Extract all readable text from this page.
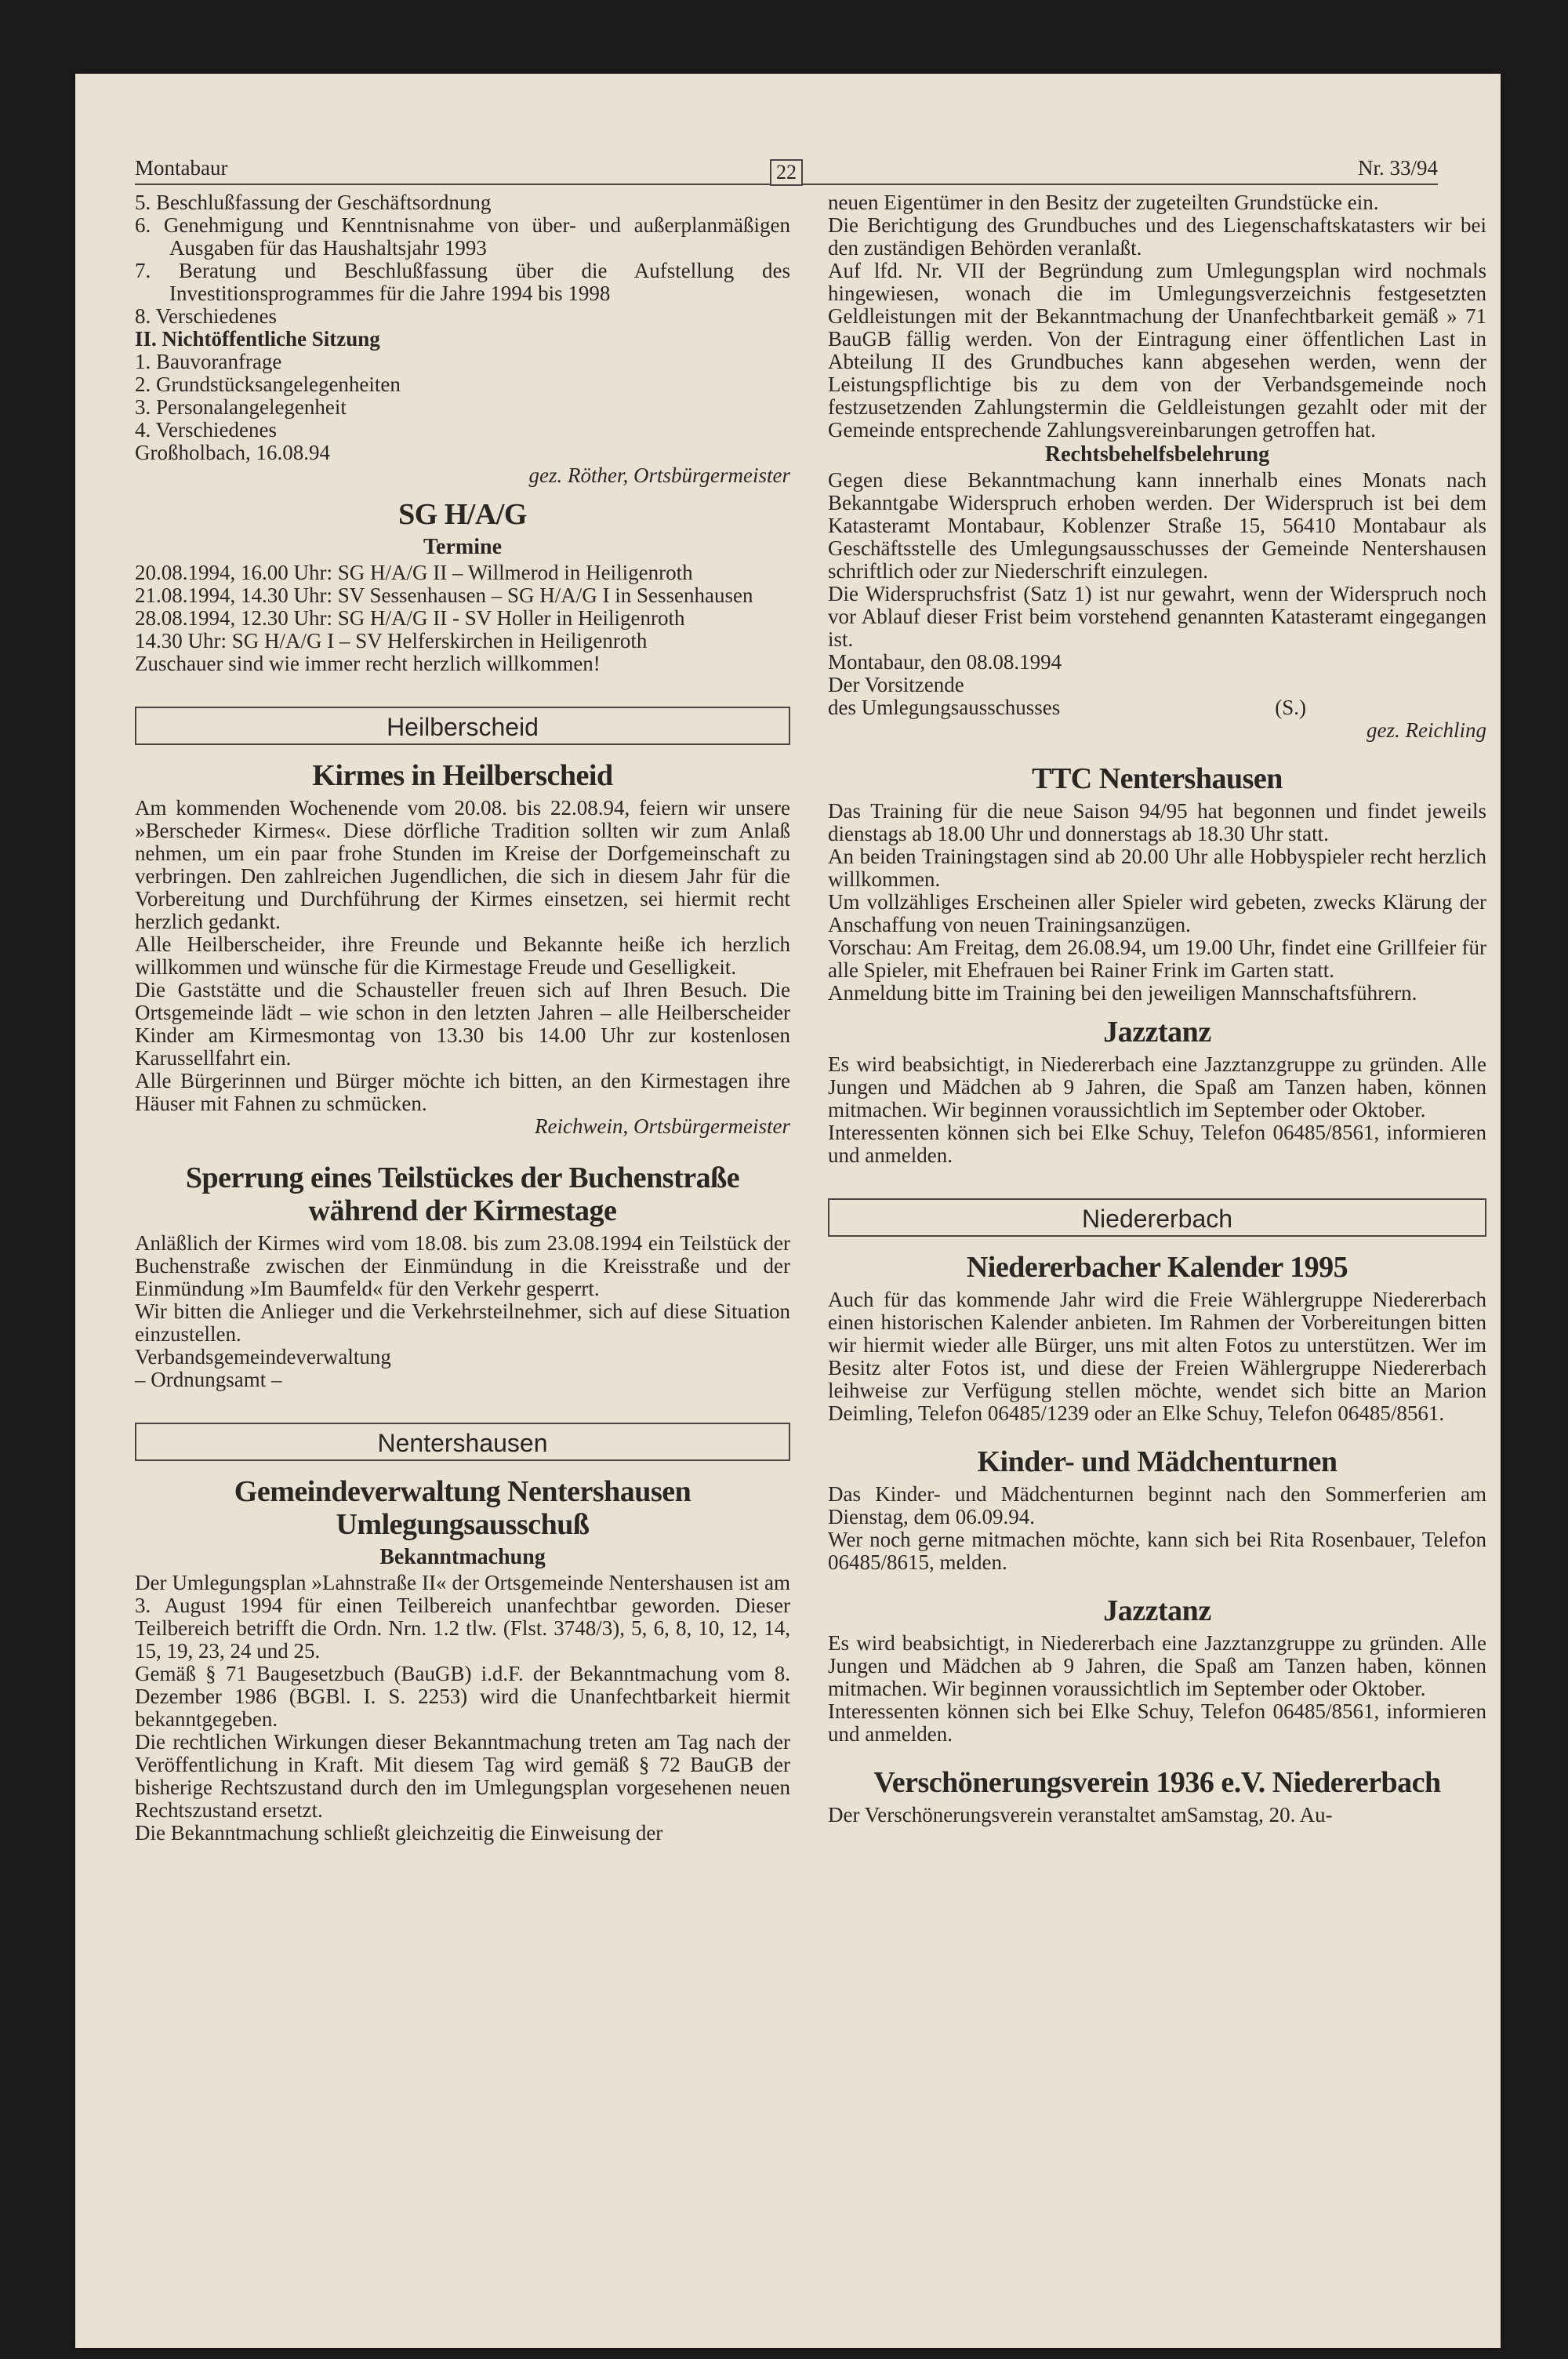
Montabaur	22	Nr. 33/94

5. Beschlußfassung der Geschäftsordnung

6. Genehmigung und Kenntnisnahme von über- und außerplanmäßigen Ausgaben für das Haushaltsjahr 1993

7. Beratung und Beschlußfassung über die Aufstellung des Investitionsprogrammes für die Jahre 1994 bis 1998

8. Verschiedenes

II. Nichtöffentliche Sitzung

1. Bauvoranfrage

2. Grundstücksangelegenheiten

3. Personalangelegenheit

4. Verschiedenes

Großholbach, 16.08.94

gez. Röther, Ortsbürgermeister

SG H/A/G
Termine

20.08.1994, 16.00 Uhr: SG H/A/G II – Willmerod in Heiligenroth

21.08.1994, 14.30 Uhr: SV Sessenhausen – SG H/A/G I in Sessenhausen

28.08.1994, 12.30 Uhr: SG H/A/G II - SV Holler in Heiligenroth

14.30 Uhr: SG H/A/G I – SV Helferskirchen in Heiligenroth

Zuschauer sind wie immer recht herzlich willkommen!

Heilberscheid
Kirmes in Heilberscheid

Am kommenden Wochenende vom 20.08. bis 22.08.94, feiern wir unsere »Berscheder Kirmes«. Diese dörfliche Tradition sollten wir zum Anlaß nehmen, um ein paar frohe Stunden im Kreise der Dorfgemeinschaft zu verbringen. Den zahlreichen Jugendlichen, die sich in diesem Jahr für die Vorbereitung und Durchführung der Kirmes einsetzen, sei hiermit recht herzlich gedankt.

Alle Heilberscheider, ihre Freunde und Bekannte heiße ich herzlich willkommen und wünsche für die Kirmestage Freude und Geselligkeit.

Die Gaststätte und die Schausteller freuen sich auf Ihren Besuch. Die Ortsgemeinde lädt – wie schon in den letzten Jahren – alle Heilberscheider Kinder am Kirmesmontag von 13.30 bis 14.00 Uhr zur kostenlosen Karussellfahrt ein.

Alle Bürgerinnen und Bürger möchte ich bitten, an den Kirmestagen ihre Häuser mit Fahnen zu schmücken.

Reichwein, Ortsbürgermeister

Sperrung eines Teilstückes der Buchenstraße während der Kirmestage

Anläßlich der Kirmes wird vom 18.08. bis zum 23.08.1994 ein Teilstück der Buchenstraße zwischen der Einmündung in die Kreisstraße und der Einmündung »Im Baumfeld« für den Verkehr gesperrt.

Wir bitten die Anlieger und die Verkehrsteilnehmer, sich auf diese Situation einzustellen.

Verbandsgemeindeverwaltung

– Ordnungsamt –

Nentershausen
Gemeindeverwaltung Nentershausen Umlegungsausschuß
Bekanntmachung

Der Umlegungsplan »Lahnstraße II« der Ortsgemeinde Nentershausen ist am 3. August 1994 für einen Teilbereich unanfechtbar geworden. Dieser Teilbereich betrifft die Ordn. Nrn. 1.2 tlw. (Flst. 3748/3), 5, 6, 8, 10, 12, 14, 15, 19, 23, 24 und 25.

Gemäß § 71 Baugesetzbuch (BauGB) i.d.F. der Bekanntmachung vom 8. Dezember 1986 (BGBl. I. S. 2253) wird die Unanfechtbarkeit hiermit bekanntgegeben.

Die rechtlichen Wirkungen dieser Bekanntmachung treten am Tag nach der Veröffentlichung in Kraft. Mit diesem Tag wird gemäß § 72 BauGB der bisherige Rechtszustand durch den im Umlegungsplan vorgesehenen neuen Rechtszustand ersetzt.

Die Bekanntmachung schließt gleichzeitig die Einweisung der

neuen Eigentümer in den Besitz der zugeteilten Grundstücke ein.

Die Berichtigung des Grundbuches und des Liegenschaftskatasters wir bei den zuständigen Behörden veranlaßt.

Auf lfd. Nr. VII der Begründung zum Umlegungsplan wird nochmals hingewiesen, wonach die im Umlegungsverzeichnis festgesetzten Geldleistungen mit der Bekanntmachung der Unanfechtbarkeit gemäß » 71 BauGB fällig werden. Von der Eintragung einer öffentlichen Last in Abteilung II des Grundbuches kann abgesehen werden, wenn der Leistungspflichtige bis zu dem von der Verbandsgemeinde noch festzusetzenden Zahlungstermin die Geldleistungen gezahlt oder mit der Gemeinde entsprechende Zahlungsvereinbarungen getroffen hat.

Rechtsbehelfsbelehrung

Gegen diese Bekanntmachung kann innerhalb eines Monats nach Bekanntgabe Widerspruch erhoben werden. Der Widerspruch ist bei dem Katasteramt Montabaur, Koblenzer Straße 15, 56410 Montabaur als Geschäftsstelle des Umlegungsausschusses der Gemeinde Nentershausen schriftlich oder zur Niederschrift einzulegen.

Die Widerspruchsfrist (Satz 1) ist nur gewahrt, wenn der Widerspruch noch vor Ablauf dieser Frist beim vorstehend genannten Katasteramt eingegangen ist.

Montabaur, den 08.08.1994

Der Vorsitzende

des Umlegungsausschusses	(S.)

gez. Reichling

TTC Nentershausen

Das Training für die neue Saison 94/95 hat begonnen und findet jeweils dienstags ab 18.00 Uhr und donnerstags ab 18.30 Uhr statt.

An beiden Trainingstagen sind ab 20.00 Uhr alle Hobbyspieler recht herzlich willkommen.

Um vollzähliges Erscheinen aller Spieler wird gebeten, zwecks Klärung der Anschaffung von neuen Trainingsanzügen.

Vorschau: Am Freitag, dem 26.08.94, um 19.00 Uhr, findet eine Grillfeier für alle Spieler, mit Ehefrauen bei Rainer Frink im Garten statt.

Anmeldung bitte im Training bei den jeweiligen Mannschaftsführern.

Jazztanz

Es wird beabsichtigt, in Niedererbach eine Jazztanzgruppe zu gründen. Alle Jungen und Mädchen ab 9 Jahren, die Spaß am Tanzen haben, können mitmachen. Wir beginnen voraussichtlich im September oder Oktober.

Interessenten können sich bei Elke Schuy, Telefon 06485/8561, informieren und anmelden.

Niedererbach
Niedererbacher Kalender 1995

Auch für das kommende Jahr wird die Freie Wählergruppe Niedererbach einen historischen Kalender anbieten. Im Rahmen der Vorbereitungen bitten wir hiermit wieder alle Bürger, uns mit alten Fotos zu unterstützen. Wer im Besitz alter Fotos ist, und diese der Freien Wählergruppe Niedererbach leihweise zur Verfügung stellen möchte, wendet sich bitte an Marion Deimling, Telefon 06485/1239 oder an Elke Schuy, Telefon 06485/8561.

Kinder- und Mädchenturnen

Das Kinder- und Mädchenturnen beginnt nach den Sommerferien am Dienstag, dem 06.09.94.

Wer noch gerne mitmachen möchte, kann sich bei Rita Rosenbauer, Telefon 06485/8615, melden.

Jazztanz

Es wird beabsichtigt, in Niedererbach eine Jazztanzgruppe zu gründen. Alle Jungen und Mädchen ab 9 Jahren, die Spaß am Tanzen haben, können mitmachen. Wir beginnen voraussichtlich im September oder Oktober.

Interessenten können sich bei Elke Schuy, Telefon 06485/8561, informieren und anmelden.

Verschönerungsverein 1936 e.V. Niedererbach

Der Verschönerungsverein veranstaltet amSamstag, 20. Au-
